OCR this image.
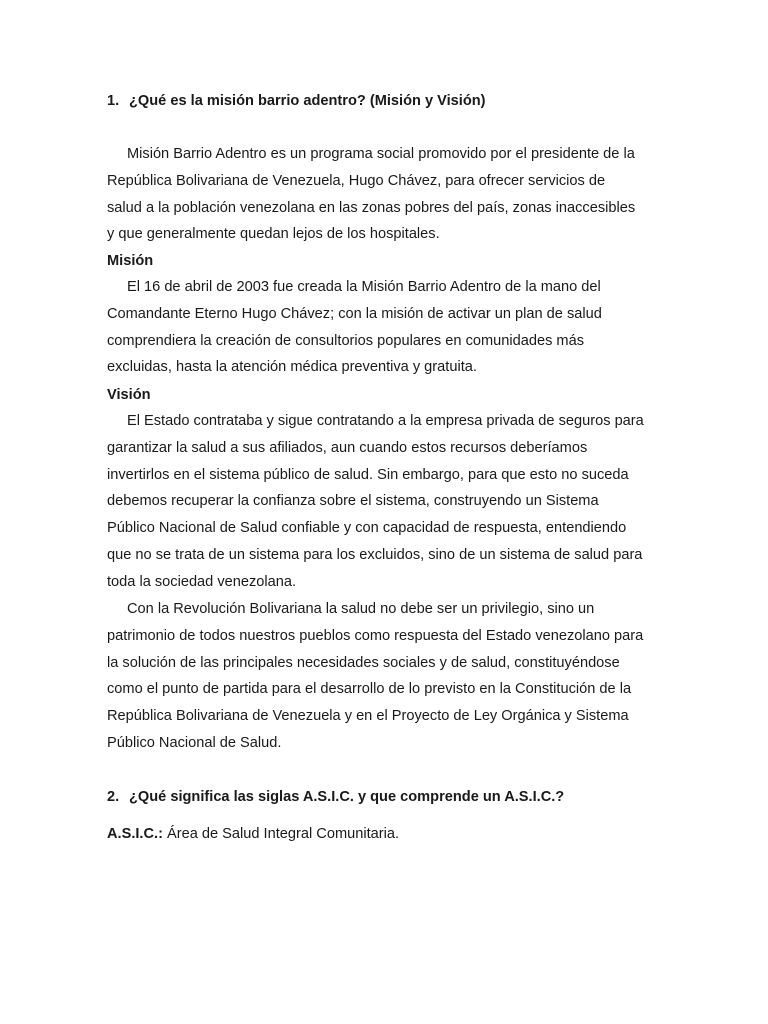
1. ¿Qué es la misión barrio adentro? (Misión y Visión)
Misión Barrio Adentro es un programa social promovido por el presidente de la
República Bolivariana de Venezuela, Hugo Chávez, para ofrecer servicios de
salud a la población venezolana en las zonas pobres del país, zonas inaccesibles
y que generalmente quedan lejos de los hospitales.
Misión
El 16 de abril de 2003 fue creada la Misión Barrio Adentro de la mano del
Comandante Eterno Hugo Chávez; con la misión de activar un plan de salud
comprendiera la creación de consultorios populares en comunidades más
excluidas, hasta la atención médica preventiva y gratuita.
Visión
El Estado contrataba y sigue contratando a la empresa privada de seguros para
garantizar la salud a sus afiliados, aun cuando estos recursos deberíamos
invertirlos en el sistema público de salud. Sin embargo, para que esto no suceda
debemos recuperar la confianza sobre el sistema, construyendo un Sistema
Público Nacional de Salud confiable y con capacidad de respuesta, entendiendo
que no se trata de un sistema para los excluidos, sino de un sistema de salud para
toda la sociedad venezolana.
Con la Revolución Bolivariana la salud no debe ser un privilegio, sino un
patrimonio de todos nuestros pueblos como respuesta del Estado venezolano para
la solución de las principales necesidades sociales y de salud, constituyéndose
como el punto de partida para el desarrollo de lo previsto en la Constitución de la
República Bolivariana de Venezuela y en el Proyecto de Ley Orgánica y Sistema
Público Nacional de Salud.
2. ¿Qué significa las siglas A.S.I.C. y que comprende un A.S.I.C.?
A.S.I.C.: Área de Salud Integral Comunitaria.
